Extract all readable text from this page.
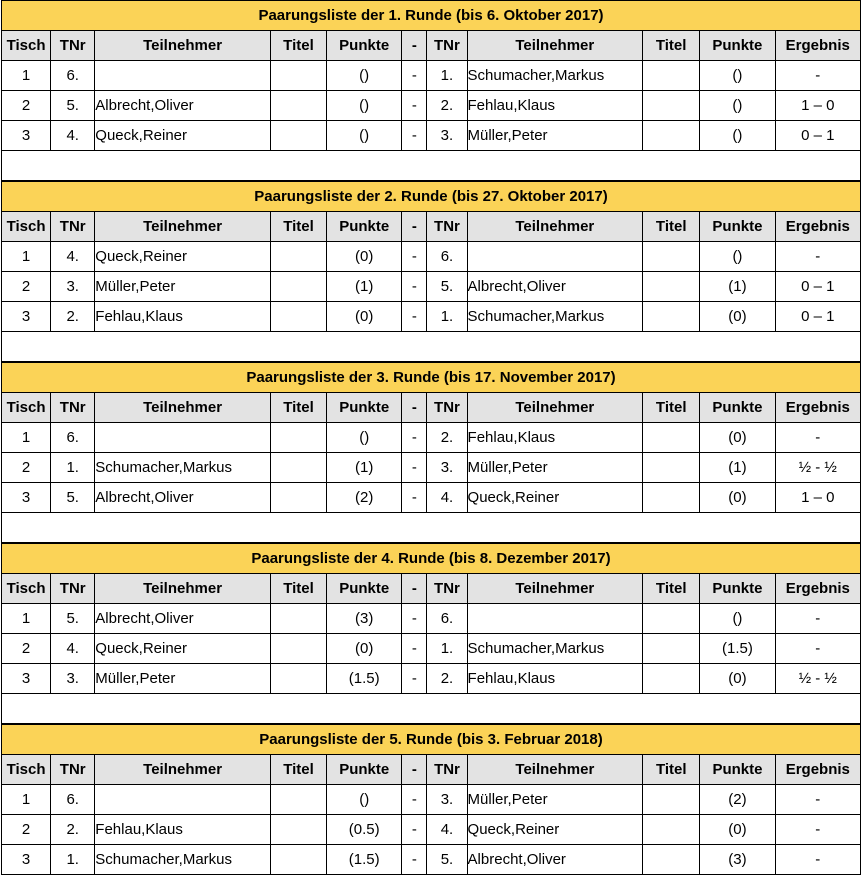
Paarungsliste der 1. Runde (bis 6. Oktober 2017)										
Tisch	TNr	Teilnehmer	Titel	Punkte	-	TNr	Teilnehmer	Titel	Punkte	Ergebnis
1	6.			()	-	1.	Schumacher,Markus		()	-
2	5.	Albrecht,Oliver		()	-	2.	Fehlau,Klaus		()	1 – 0
3	4.	Queck,Reiner		()	-	3.	Müller,Peter		()	0 – 1

Paarungsliste der 2. Runde (bis 27. Oktober 2017)										
Tisch	TNr	Teilnehmer	Titel	Punkte	-	TNr	Teilnehmer	Titel	Punkte	Ergebnis
1	4.	Queck,Reiner		(0)	-	6.			()	-
2	3.	Müller,Peter		(1)	-	5.	Albrecht,Oliver		(1)	0 – 1
3	2.	Fehlau,Klaus		(0)	-	1.	Schumacher,Markus		(0)	0 – 1

Paarungsliste der 3. Runde (bis 17. November 2017)										
Tisch	TNr	Teilnehmer	Titel	Punkte	-	TNr	Teilnehmer	Titel	Punkte	Ergebnis
1	6.			()	-	2.	Fehlau,Klaus		(0)	-
2	1.	Schumacher,Markus		(1)	-	3.	Müller,Peter		(1)	½ - ½
3	5.	Albrecht,Oliver		(2)	-	4.	Queck,Reiner		(0)	1 – 0

Paarungsliste der 4. Runde (bis 8. Dezember 2017)										
Tisch	TNr	Teilnehmer	Titel	Punkte	-	TNr	Teilnehmer	Titel	Punkte	Ergebnis
1	5.	Albrecht,Oliver		(3)	-	6.			()	-
2	4.	Queck,Reiner		(0)	-	1.	Schumacher,Markus		(1.5)	-
3	3.	Müller,Peter		(1.5)	-	2.	Fehlau,Klaus		(0)	½ - ½

Paarungsliste der 5. Runde (bis 3. Februar 2018)										
Tisch	TNr	Teilnehmer	Titel	Punkte	-	TNr	Teilnehmer	Titel	Punkte	Ergebnis
1	6.			()	-	3.	Müller,Peter		(2)	-
2	2.	Fehlau,Klaus		(0.5)	-	4.	Queck,Reiner		(0)	-
3	1.	Schumacher,Markus		(1.5)	-	5.	Albrecht,Oliver		(3)	-
